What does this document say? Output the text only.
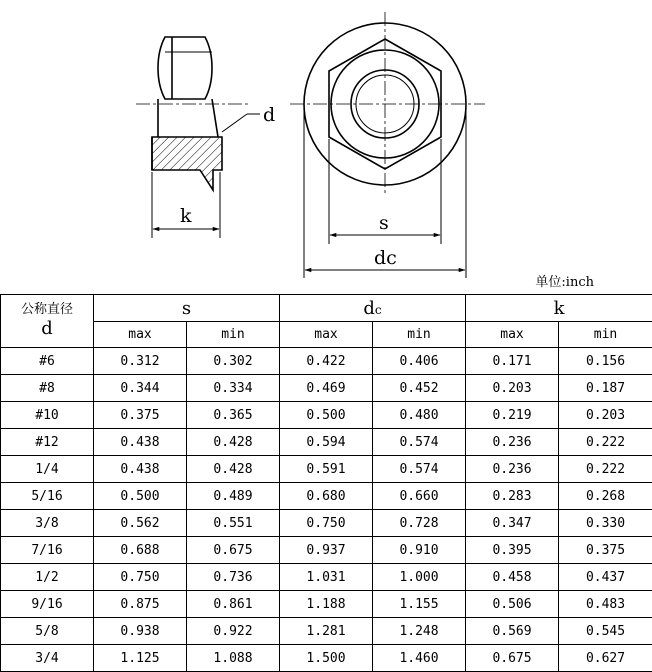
d
k	s
dc
单位:inch
公称直径
d	s		dc		k	
	max	min	max	min	max	min
#6	0.312	0.302	0.422	0.406	0.171	0.156
#8	0.344	0.334	0.469	0.452	0.203	0.187
#10	0.375	0.365	0.500	0.480	0.219	0.203
#12	0.438	0.428	0.594	0.574	0.236	0.222
1/4	0.438	0.428	0.591	0.574	0.236	0.222
5/16	0.500	0.489	0.680	0.660	0.283	0.268
3/8	0.562	0.551	0.750	0.728	0.347	0.330
7/16	0.688	0.675	0.937	0.910	0.395	0.375
1/2	0.750	0.736	1.031	1.000	0.458	0.437
9/16	0.875	0.861	1.188	1.155	0.506	0.483
5/8	0.938	0.922	1.281	1.248	0.569	0.545
3/4	1.125	1.088	1.500	1.460	0.675	0.627
